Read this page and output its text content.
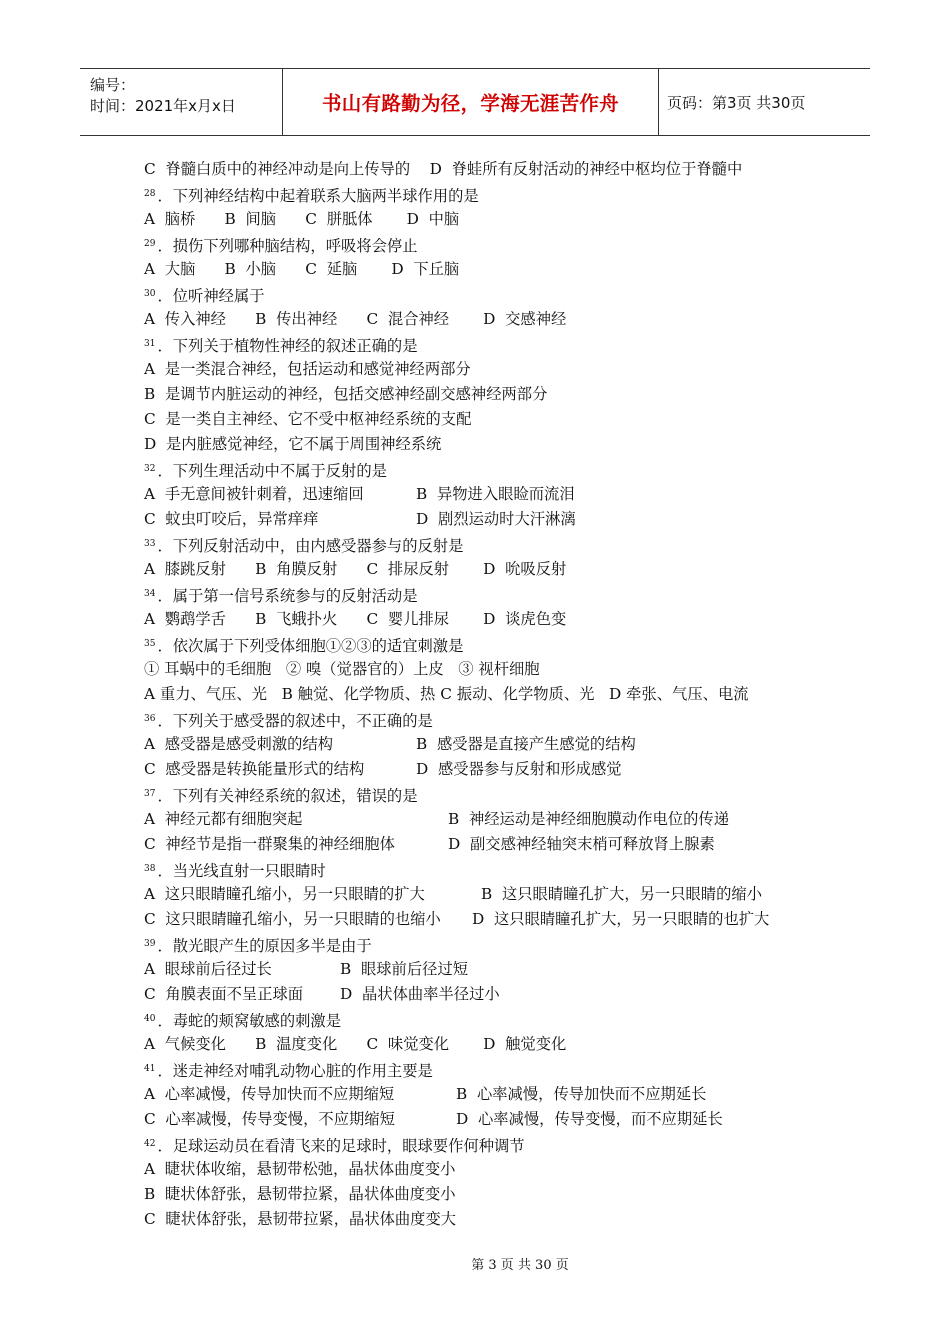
编号：
时间：2021年x月x日	书山有路勤为径，学海无涯苦作舟	页码：第3页 共30页
C  脊髓白质中的神经冲动是向上传导的    D  脊蛙所有反射活动的神经中枢均位于脊髓中
$^{28}$ ．下列神经结构中起着联系大脑两半球作用的是
A  脑桥      B  间脑      C  胼胝体       D  中脑
$^{29}$ ．损伤下列哪种脑结构，呼吸将会停止
A  大脑      B  小脑      C  延脑       D  下丘脑
$^{30}$ ．位听神经属于
A  传入神经      B  传出神经      C  混合神经       D  交感神经
$^{31}$ ．下列关于植物性神经的叙述正确的是
A  是一类混合神经，包括运动和感觉神经两部分
B  是调节内脏运动的神经，包括交感神经副交感神经两部分
C  是一类自主神经、它不受中枢神经系统的支配
D  是内脏感觉神经，它不属于周围神经系统
$^{32}$ ．下列生理活动中不属于反射的是
A  手无意间被针刺着，迅速缩回	B  异物进入眼睑而流泪
C  蚊虫叮咬后，异常痒痒	D  剧烈运动时大汗淋漓
$^{33}$ ．下列反射活动中，由内感受器参与的反射是
A  膝跳反射      B  角膜反射      C  排尿反射       D  吮吸反射
$^{34}$ ．属于第一信号系统参与的反射活动是
A  鹦鹉学舌      B  飞蛾扑火      C  婴儿排尿       D  谈虎色变
$^{35}$ ．依次属于下列受体细胞①②③的适宜刺激是
① 耳蜗中的毛细胞   ② 嗅（觉器官的）上皮   ③ 视杆细胞
A 重力、气压、光   B 触觉、化学物质、热 C 振动、化学物质、光   D 牵张、气压、电流
$^{36}$ ．下列关于感受器的叙述中，不正确的是
A  感受器是感受刺激的结构	B  感受器是直接产生感觉的结构
C  感受器是转换能量形式的结构	D  感受器参与反射和形成感觉
$^{37}$ ．下列有关神经系统的叙述，错误的是
A  神经元都有细胞突起	B  神经运动是神经细胞膜动作电位的传递
C  神经节是指一群聚集的神经细胞体	D  副交感神经轴突末梢可释放肾上腺素
$^{38}$ ．当光线直射一只眼睛时
A  这只眼睛瞳孔缩小，另一只眼睛的扩大	B  这只眼睛瞳孔扩大，另一只眼睛的缩小
C  这只眼睛瞳孔缩小，另一只眼睛的也缩小 D  这只眼睛瞳孔扩大，另一只眼睛的也扩大
$^{39}$ ．散光眼产生的原因多半是由于
A  眼球前后径过长	B  眼球前后径过短
C  角膜表面不呈正球面 D  晶状体曲率半径过小
$^{40}$ ．毒蛇的颊窝敏感的刺激是
A  气候变化      B  温度变化      C  味觉变化       D  触觉变化
$^{41}$ ．迷走神经对哺乳动物心脏的作用主要是
A  心率减慢，传导加快而不应期缩短	B  心率减慢，传导加快而不应期延长
C  心率减慢，传导变慢，不应期缩短	D  心率减慢，传导变慢，而不应期延长
$^{42}$ ．足球运动员在看清飞来的足球时，眼球要作何种调节
A  睫状体收缩，悬韧带松弛，晶状体曲度变小
B  睫状体舒张，悬韧带拉紧，晶状体曲度变小
C  睫状体舒张，悬韧带拉紧，晶状体曲度变大
第 3 页 共 30 页
